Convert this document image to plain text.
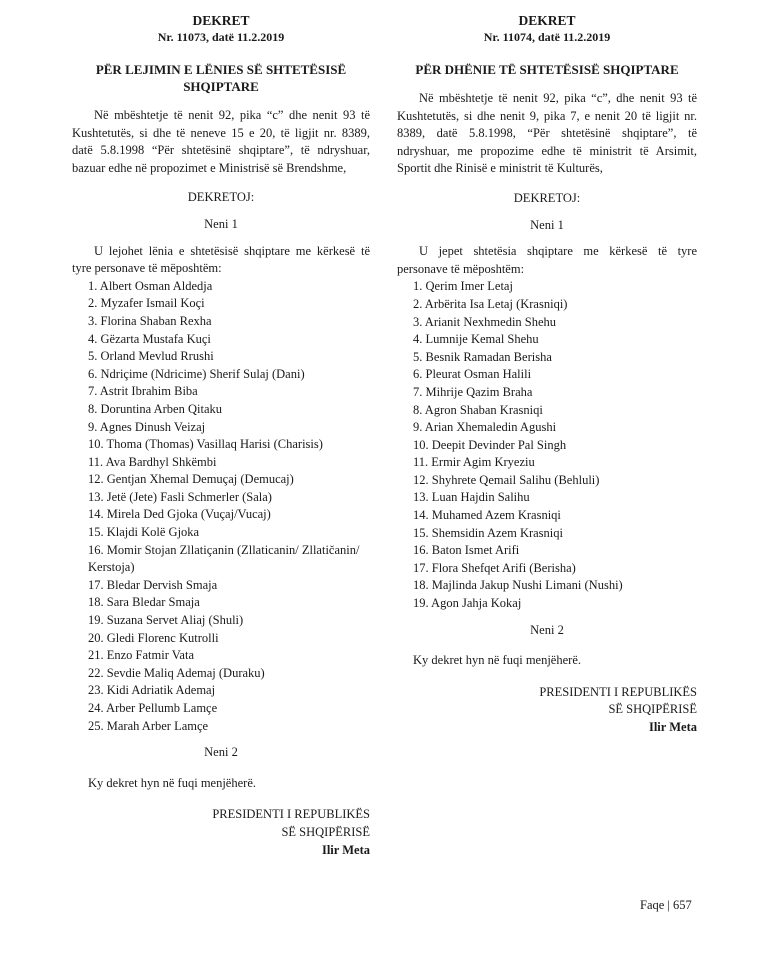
DEKRET
Nr. 11073, datë 11.2.2019
PËR LEJIMIN E LËNIES SË SHTETËSISË SHQIPTARE
Në mbështetje të nenit 92, pika “c” dhe nenit 93 të Kushtetutës, si dhe të neneve 15 e 20, të ligjit nr. 8389, datë 5.8.1998 “Për shtetësinë shqiptare”, të ndryshuar, bazuar edhe në propozimet e Ministrisë së Brendshme,
DEKRETOJ:
Neni 1
U lejohet lënia e shtetësisë shqiptare me kërkesë të tyre personave të mëposhtëm:
1. Albert Osman Aldedja
2. Myzafer Ismail Koçi
3. Florina Shaban Rexha
4. Gëzarta Mustafa Kuçi
5. Orland Mevlud Rrushi
6. Ndriçime (Ndricime) Sherif Sulaj (Dani)
7. Astrit Ibrahim Biba
8. Doruntina Arben Qitaku
9. Agnes Dinush Veizaj
10. Thoma (Thomas) Vasillaq Harisi (Charisis)
11. Ava Bardhyl Shkëmbi
12. Gentjan Xhemal Demuçaj (Demucaj)
13. Jetë (Jete) Fasli Schmerler (Sala)
14. Mirela Ded Gjoka (Vuçaj/Vucaj)
15. Klajdi Kolë Gjoka
16. Momir Stojan Zllatiçanin (Zllaticanin/ Zllatičanin/ Kerstoja)
17. Bledar Dervish Smaja
18. Sara Bledar Smaja
19. Suzana Servet Aliaj (Shuli)
20. Gledi Florenc Kutrolli
21. Enzo Fatmir Vata
22. Sevdie Maliq Ademaj (Duraku)
23. Kidi Adriatik Ademaj
24. Arber Pellumb Lamçe
25. Marah Arber Lamçe
Neni 2
Ky dekret hyn në fuqi menjëherë.
PRESIDENTI I REPUBLIKËS
SË SHQIPËRISË
Ilir Meta
DEKRET
Nr. 11074, datë 11.2.2019
PËR DHËNIE TË SHTETËSISË SHQIPTARE
Në mbështetje të nenit 92, pika “c”, dhe nenit 93 të Kushtetutës, si dhe nenit 9, pika 7, e nenit 20 të ligjit nr. 8389, datë 5.8.1998, “Për shtetësinë shqiptare”, të ndryshuar, me propozime edhe të ministrit të Arsimit, Sportit dhe Rinisë e ministrit të Kulturës,
DEKRETOJ:
Neni 1
U jepet shtetësia shqiptare me kërkesë të tyre personave të mëposhtëm:
1. Qerim Imer Letaj
2. Arbërita Isa Letaj (Krasniqi)
3. Arianit Nexhmedin Shehu
4. Lumnije Kemal Shehu
5. Besnik Ramadan Berisha
6. Pleurat Osman Halili
7. Mihrije Qazim Braha
8. Agron Shaban Krasniqi
9. Arian Xhemaledin Agushi
10. Deepit Devinder Pal Singh
11. Ermir Agim Kryeziu
12. Shyhrete Qemail Salihu (Behluli)
13. Luan Hajdin Salihu
14. Muhamed Azem Krasniqi
15. Shemsidin Azem Krasniqi
16. Baton Ismet Arifi
17. Flora Shefqet Arifi (Berisha)
18. Majlinda Jakup Nushi Limani (Nushi)
19. Agon Jahja Kokaj
Neni 2
Ky dekret hyn në fuqi menjëherë.
PRESIDENTI I REPUBLIKËS
SË SHQIPËRISË
Ilir Meta
Faqe | 657
